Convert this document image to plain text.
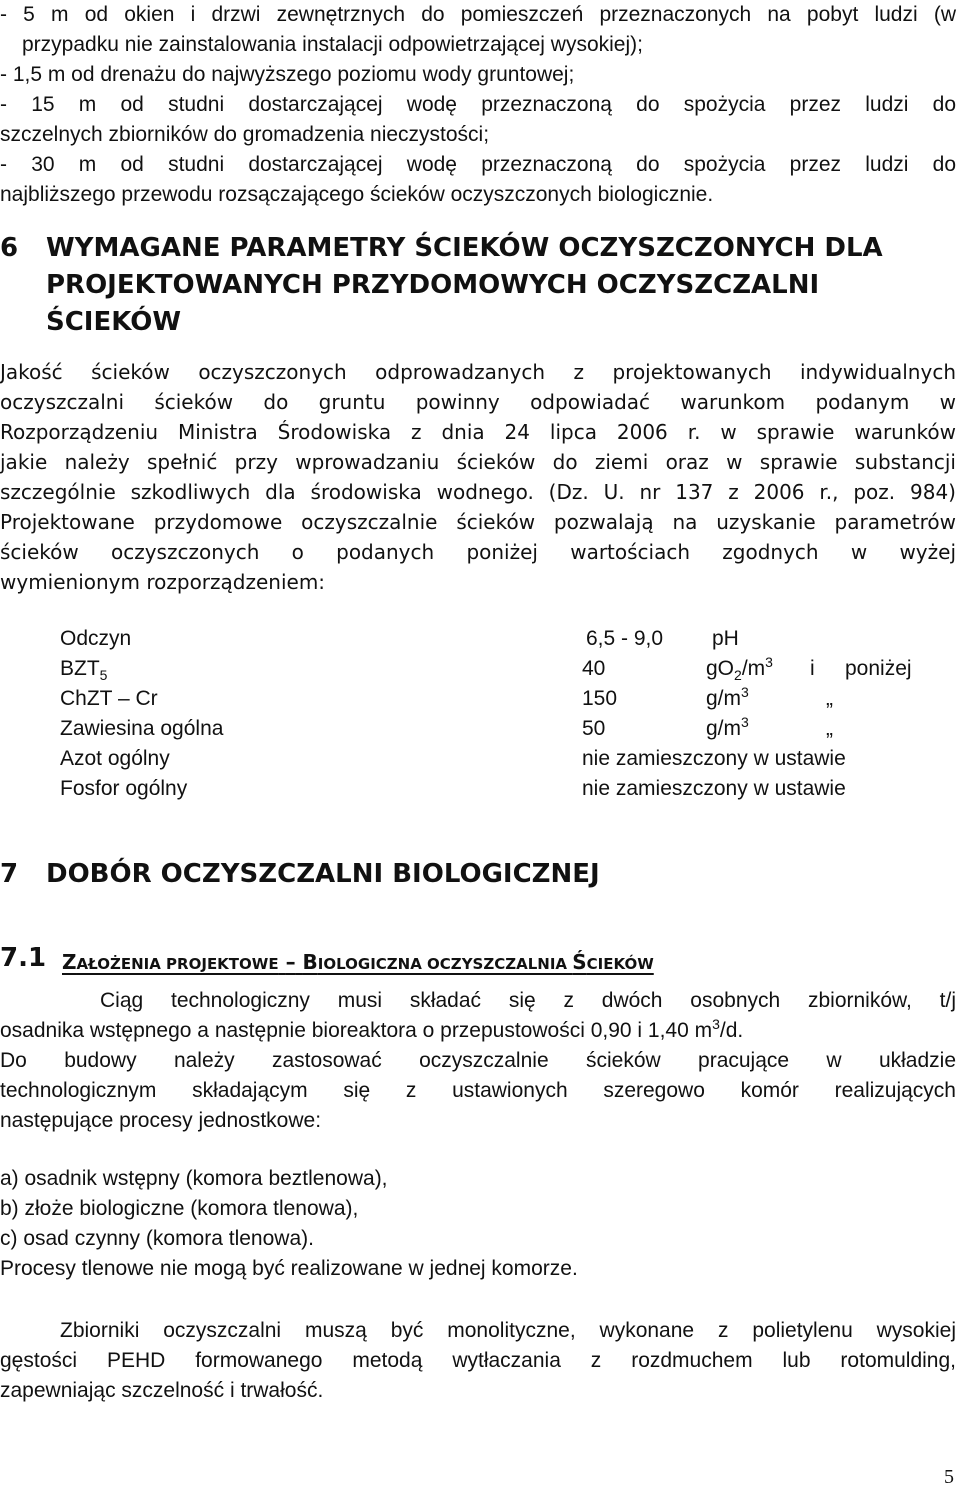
- 5 m od okien i drzwi zewnętrznych do pomieszczeń przeznaczonych na pobyt ludzi (w
przypadku nie zainstalowania instalacji odpowietrzającej wysokiej);
- 1,5 m od drenażu do najwyższego poziomu wody gruntowej;
- 15 m od studni dostarczającej wodę przeznaczoną do spożycia przez ludzi do
szczelnych zbiorników do gromadzenia nieczystości;
- 30 m od studni dostarczającej wodę przeznaczoną do spożycia przez ludzi do
najbliższego przewodu rozsączającego ścieków oczyszczonych biologicznie.
6 WYMAGANE PARAMETRY ŚCIEKÓW OCZYSZCZONYCH DLA
PROJEKTOWANYCH PRZYDOMOWYCH OCZYSZCZALNI
ŚCIEKÓW
Jakość ścieków oczyszczonych odprowadzanych z projektowanych indywidualnych
oczyszczalni ścieków do gruntu powinny odpowiadać warunkom podanym w
Rozporządzeniu Ministra Środowiska z dnia 24 lipca 2006 r. w sprawie warunków
jakie należy spełnić przy wprowadzaniu ścieków do ziemi oraz w sprawie substancji
szczególnie szkodliwych dla środowiska wodnego. (Dz. U. nr 137 z 2006 r., poz. 984)
Projektowane przydomowe oczyszczalnie ścieków pozwalają na uzyskanie parametrów
ścieków oczyszczonych o podanych poniżej wartościach zgodnych w wyżej
wymienionym rozporządzeniem:
Odczyn	6,5 - 9,0 pH
$BZT_5$	40	$gO_2/m^3$ i poniżej
ChZT – Cr	150	$g/m^3$	„
Zawiesina ogólna	50	$g/m^3$	„
Azot ogólny	nie zamieszczony w ustawie
Fosfor ogólny	nie zamieszczony w ustawie
7 DOBÓR OCZYSZCZALNI BIOLOGICZNEJ
7.1 ZAŁOŻENIA PROJEKTOWE – BIOLOGICZNA OCZYSZCZALNIA ŚCIEKÓW
Ciąg technologiczny musi składać się z dwóch osobnych zbiorników, t/j
osadnika wstępnego a następnie bioreaktora o przepustowości 0,90 i 1,40 $m^3/d$.
Do budowy należy zastosować oczyszczalnie ścieków pracujące w układzie
technologicznym składającym się z ustawionych szeregowo komór realizujących
następujące procesy jednostkowe:
a) osadnik wstępny (komora beztlenowa),
b) złoże biologiczne (komora tlenowa),
c) osad czynny (komora tlenowa).
Procesy tlenowe nie mogą być realizowane w jednej komorze.
Zbiorniki oczyszczalni muszą być monolityczne, wykonane z polietylenu wysokiej
gęstości PEHD formowanego metodą wytłaczania z rozdmuchem lub rotomulding,
zapewniając szczelność i trwałość.
5
